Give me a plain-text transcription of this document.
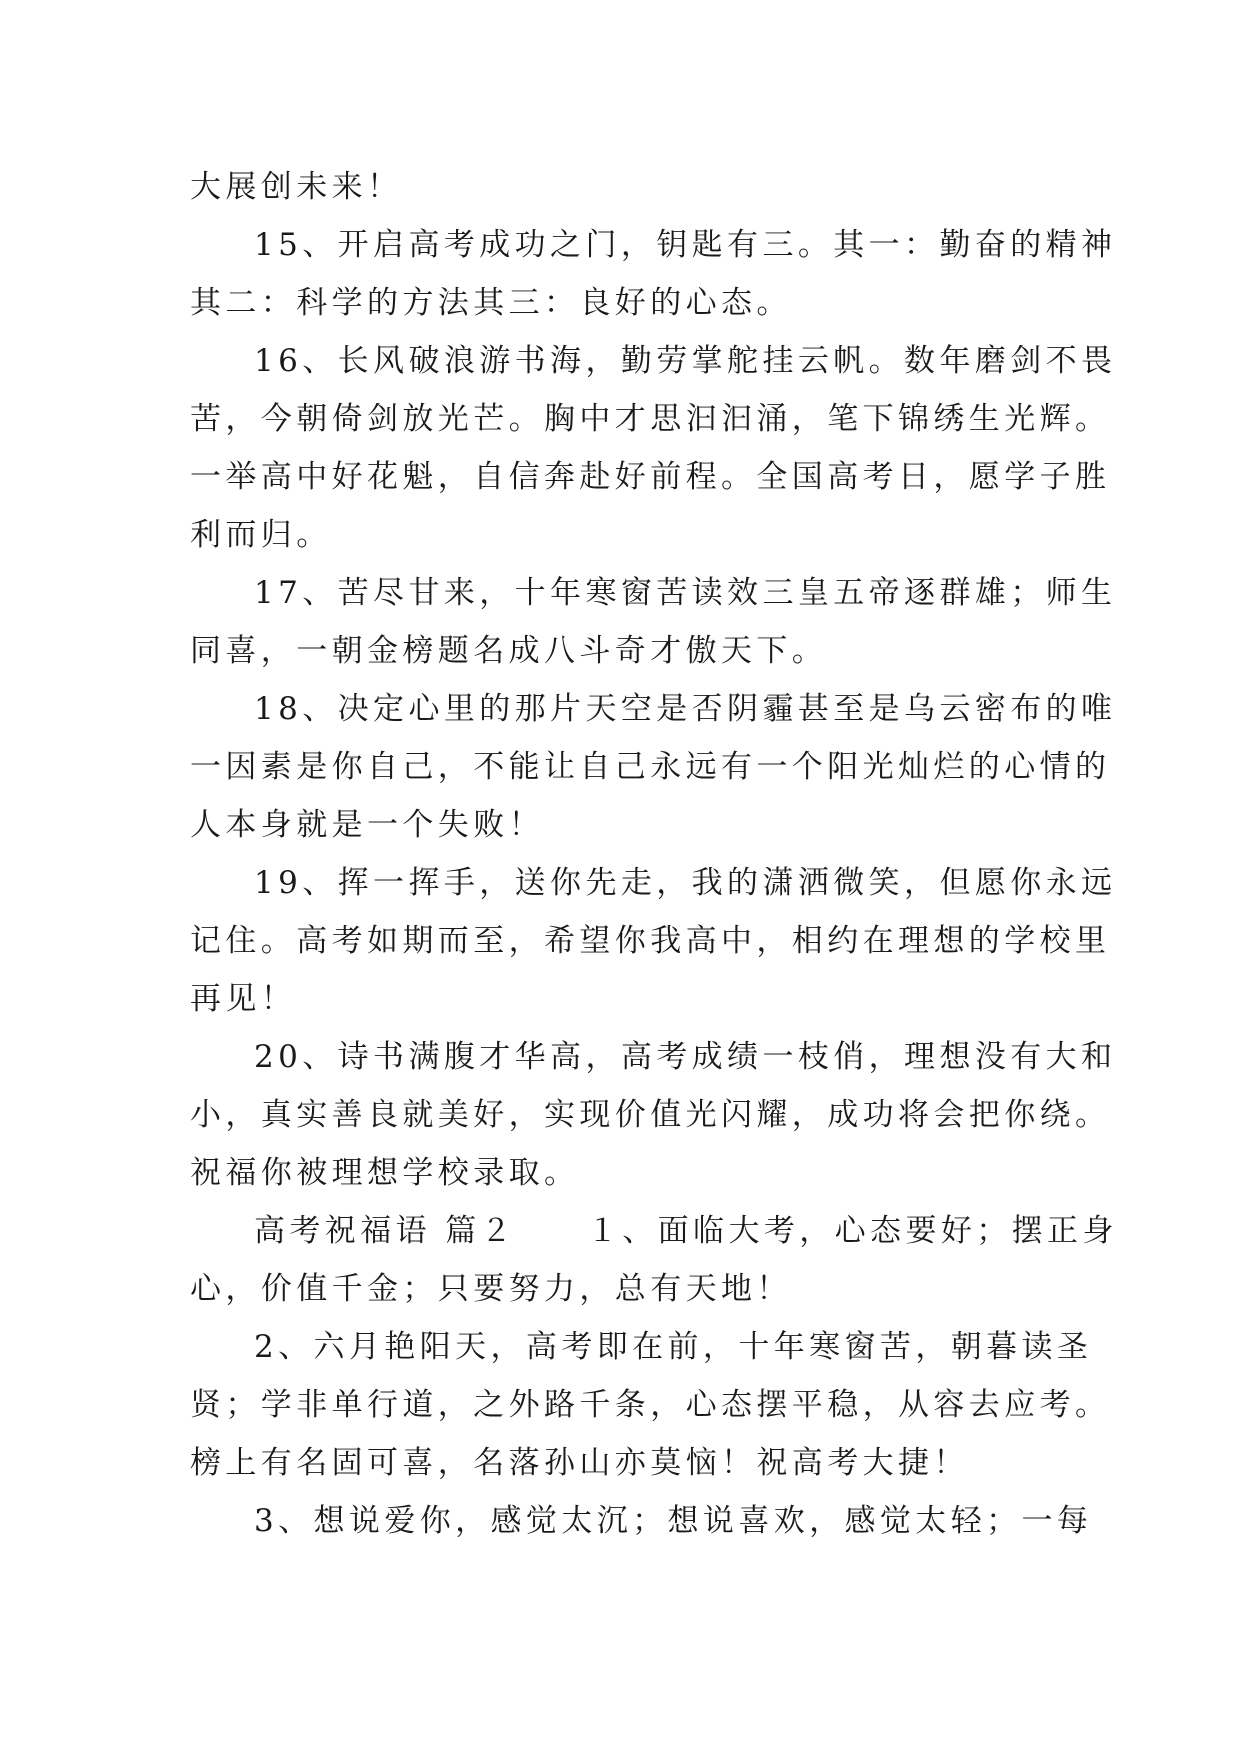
大展创未来！
15、开启高考成功之门，钥匙有三。其一：勤奋的精神
其二：科学的方法其三：良好的心态。
16、长风破浪游书海，勤劳掌舵挂云帆。数年磨剑不畏
苦，今朝倚剑放光芒。胸中才思汩汩涌，笔下锦绣生光辉。
一举高中好花魁，自信奔赴好前程。全国高考日，愿学子胜
利而归。
17、苦尽甘来，十年寒窗苦读效三皇五帝逐群雄；师生
同喜，一朝金榜题名成八斗奇才傲天下。
18、决定心里的那片天空是否阴霾甚至是乌云密布的唯
一因素是你自己，不能让自己永远有一个阳光灿烂的心情的
人本身就是一个失败！
19、挥一挥手，送你先走，我的潇洒微笑，但愿你永远
记住。高考如期而至，希望你我高中，相约在理想的学校里
再见！
20、诗书满腹才华高，高考成绩一枝俏，理想没有大和
小，真实善良就美好，实现价值光闪耀，成功将会把你绕。
祝福你被理想学校录取。
高考祝福语 篇２　　１、面临大考，心态要好；摆正身
心，价值千金；只要努力，总有天地！
2、六月艳阳天，高考即在前，十年寒窗苦，朝暮读圣
贤；学非单行道，之外路千条，心态摆平稳，从容去应考。
榜上有名固可喜，名落孙山亦莫恼！祝高考大捷！
3、想说爱你，感觉太沉；想说喜欢，感觉太轻；一每
